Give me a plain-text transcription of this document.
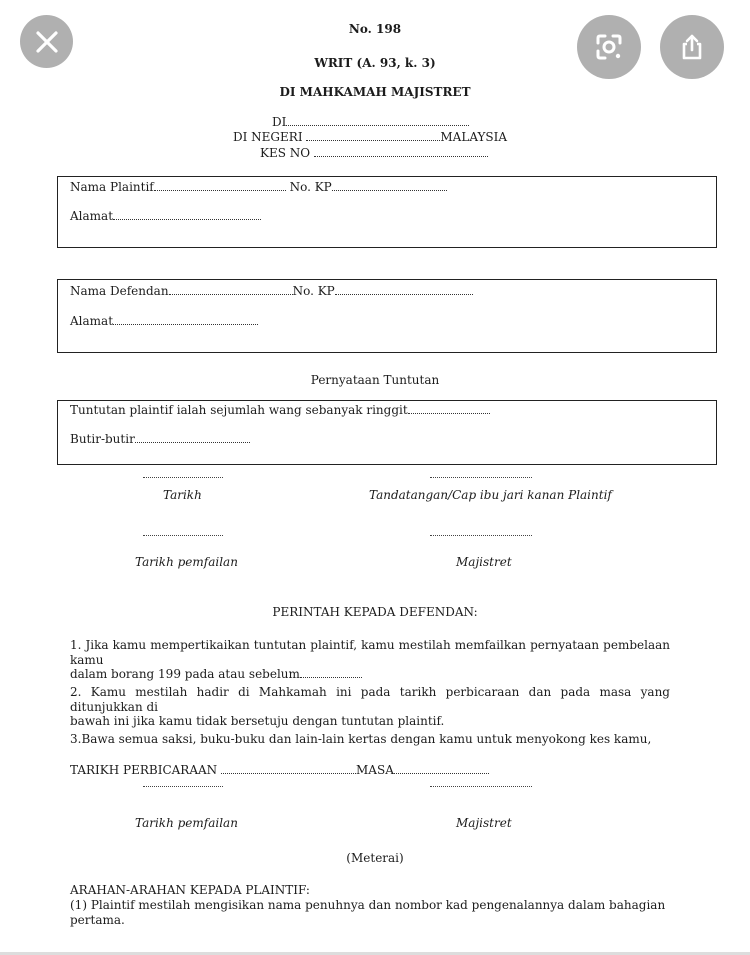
No. 198
WRIT (A. 93, k. 3)
DI MAHKAMAH MAJISTRET
DI
DI NEGERI	MALAYSIA
KES NO
Nama Plaintif	No. KP
Alamat
Nama Defendan	No. KP
Alamat
Pernyataan Tuntutan
Tuntutan plaintif ialah sejumlah wang sebanyak ringgit
Butir-butir
Tarikh	Tandatangan/Cap ibu jari kanan Plaintif
Tarikh pemfailan	Majistret
PERINTAH KEPADA DEFENDAN:
1. Jika kamu mempertikaikan tuntutan plaintif, kamu mestilah memfailkan pernyataan pembelaan kamu
dalam borang 199 pada atau sebelum
2. Kamu mestilah hadir di Mahkamah ini pada tarikh perbicaraan dan pada masa yang ditunjukkan di
bawah ini jika kamu tidak bersetuju dengan tuntutan plaintif.
3.Bawa semua saksi, buku-buku dan lain-lain kertas dengan kamu untuk menyokong kes kamu,
TARIKH PERBICARAAN	MASA
Tarikh pemfailan	Majistret
(Meterai)
ARAHAN-ARAHAN KEPADA PLAINTIF:
(1) Plaintif mestilah mengisikan nama penuhnya dan nombor kad pengenalannya dalam bahagian
pertama.
